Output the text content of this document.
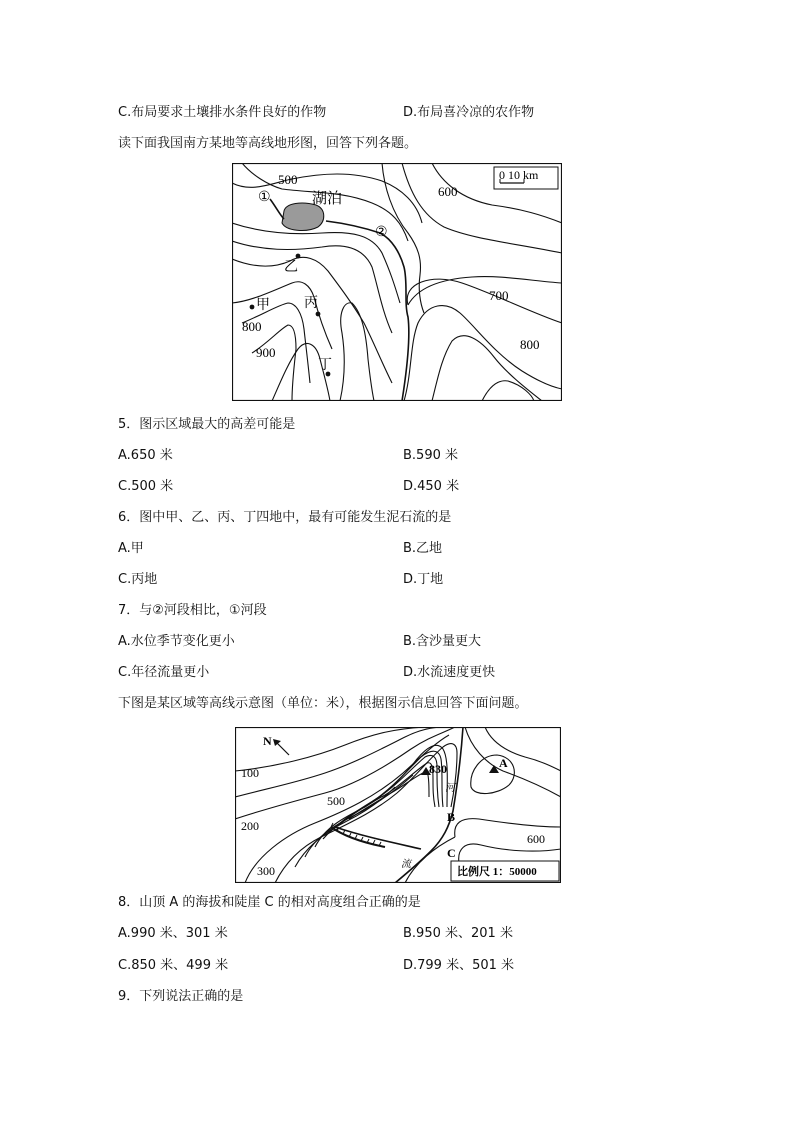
C.布局要求土壤排水条件良好的作物	D.布局喜冷凉的农作物
读下面我国南方某地等高线地形图，回答下列各题。
0 10 km
500
600
700
800
800
900
湖泊
①
②
甲
乙
丙
丁
5．图示区域最大的高差可能是
A.650 米	B.590 米
C.500 米	D.450 米
6．图中甲、乙、丙、丁四地中，最有可能发生泥石流的是
A.甲	B.乙地
C.丙地	D.丁地
7．与②河段相比，①河段
A.水位季节变化更小	B.含沙量更大
C.年径流量更小	D.水流速度更快
下图是某区域等高线示意图（单位：米），根据图示信息回答下面问题。
N
100
200
300
500
600
830	A
B
C
河
流
比例尺 1：50000
8．山顶 A 的海拔和陡崖 C 的相对高度组合正确的是
A.990 米、301 米	B.950 米、201 米
C.850 米、499 米	D.799 米、501 米
9．下列说法正确的是
